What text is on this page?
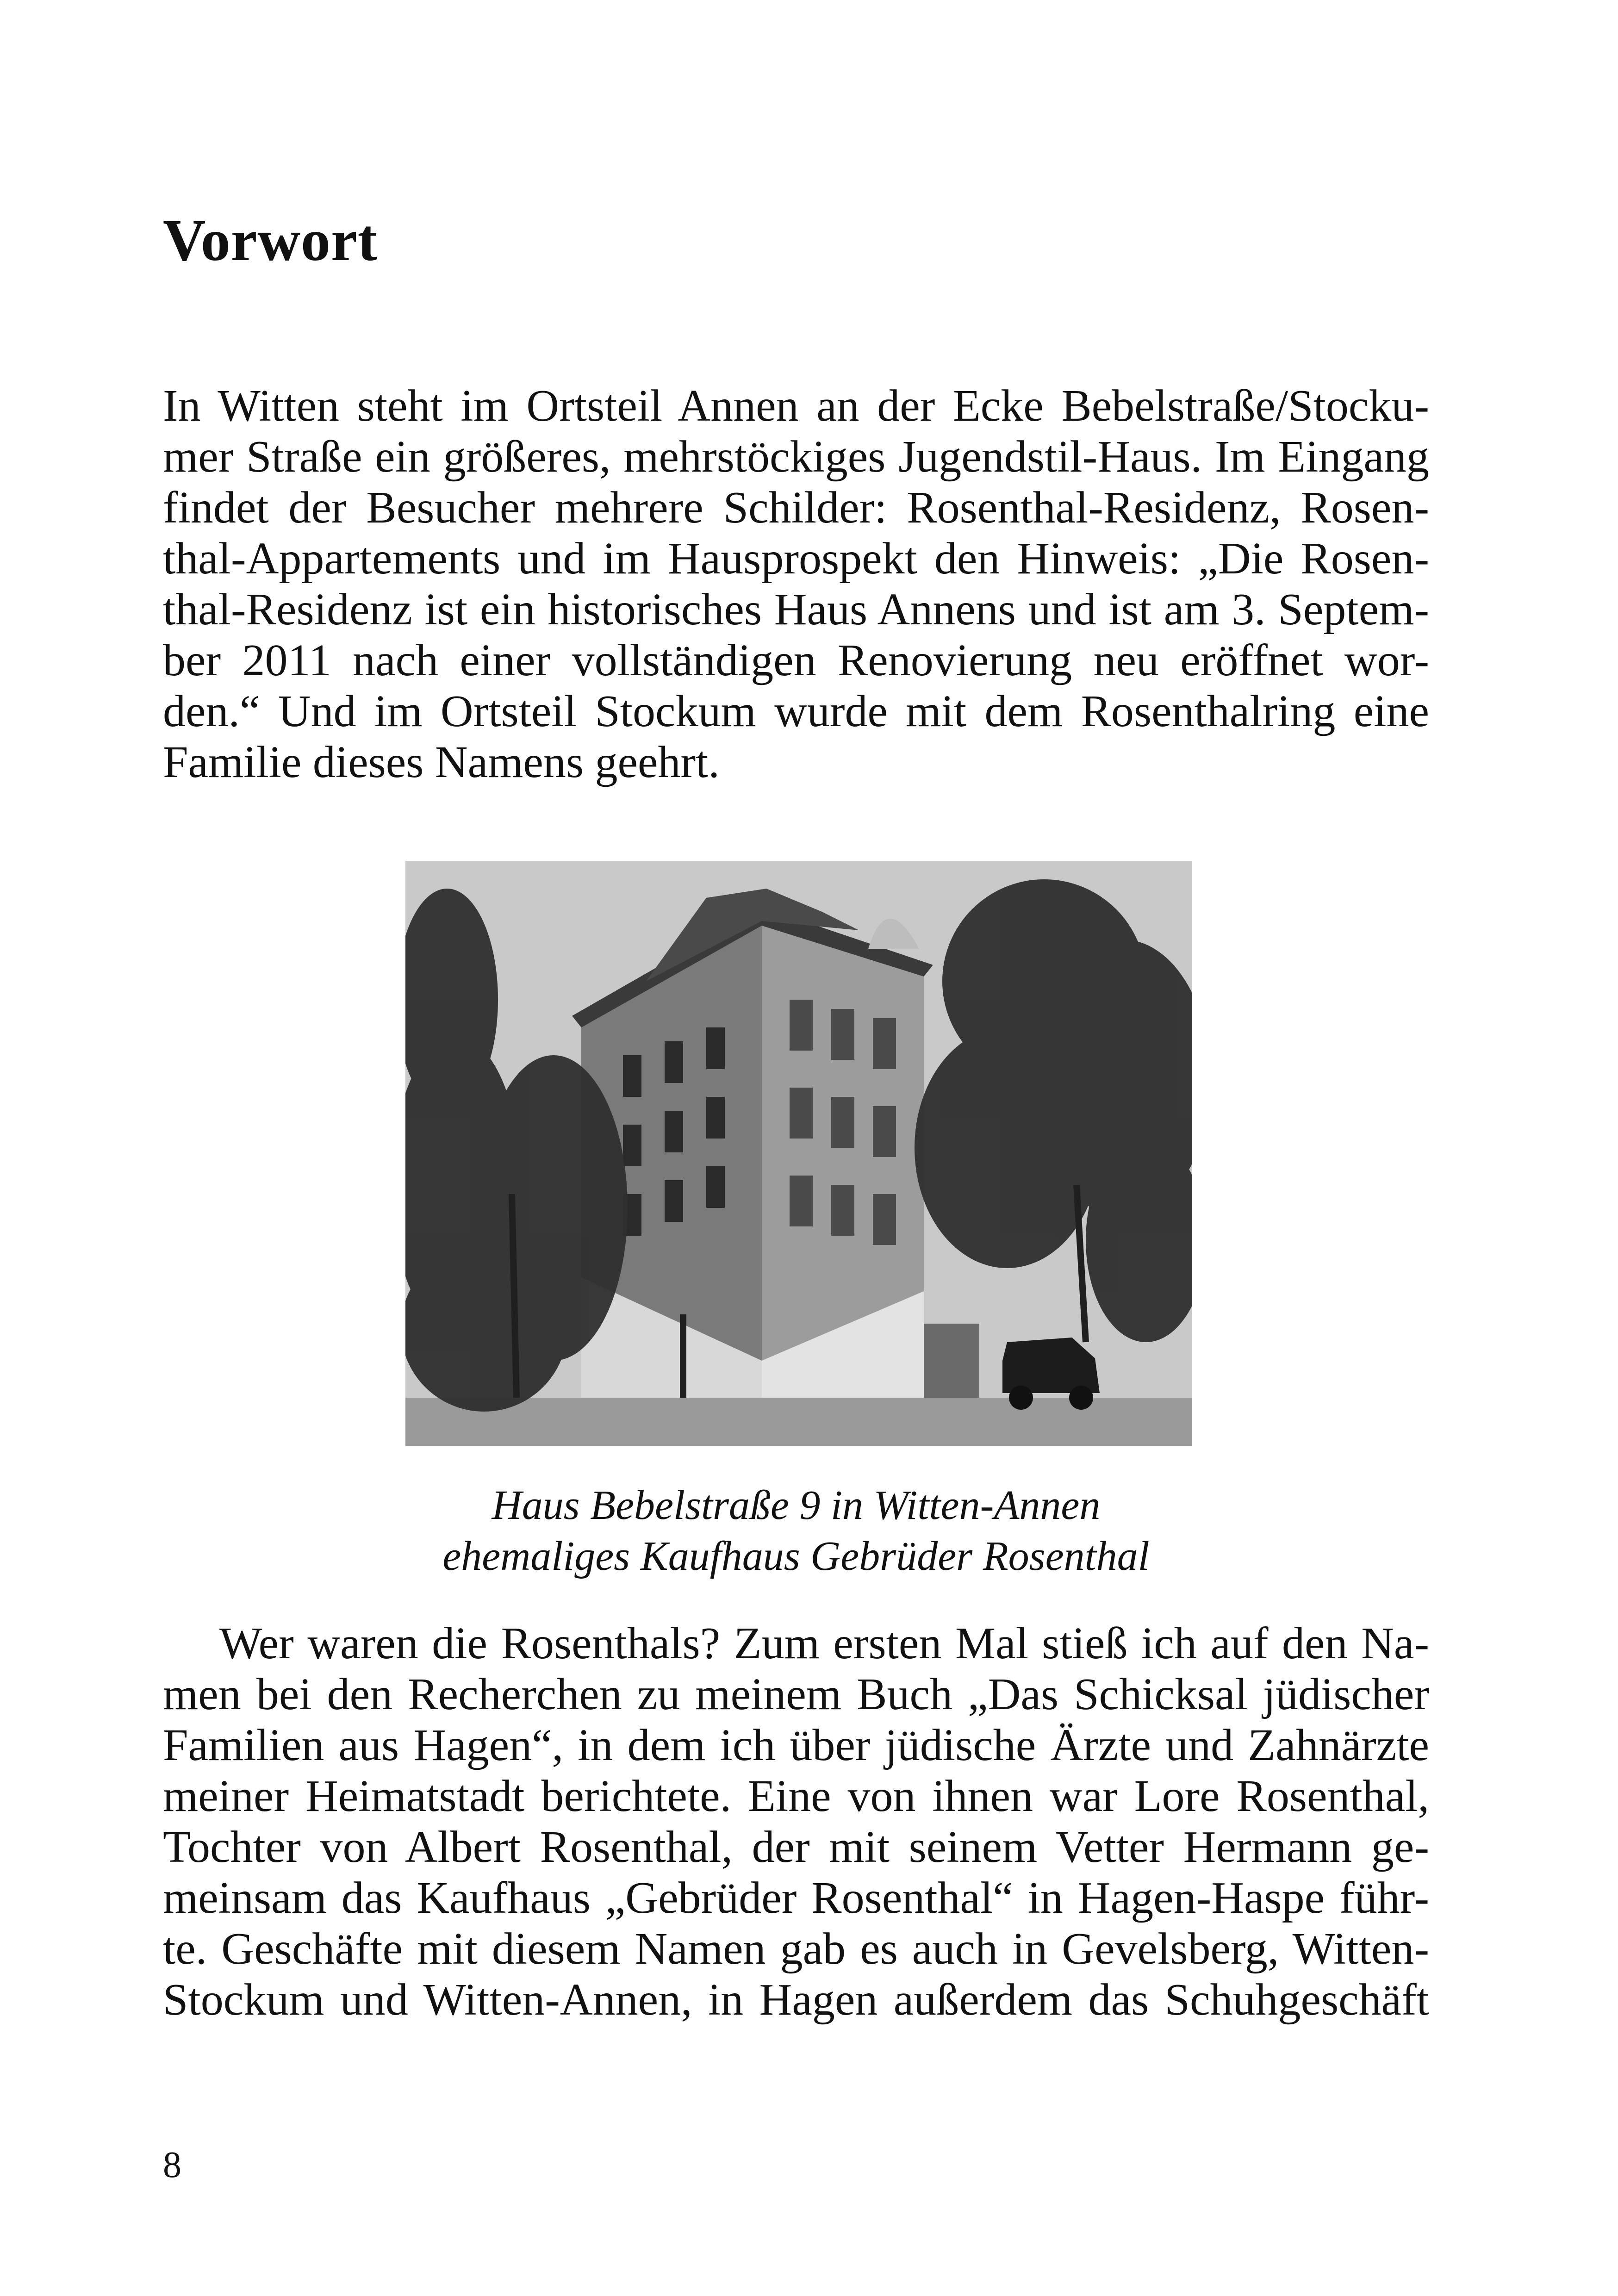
Vorwort
In Witten steht im Ortsteil Annen an der Ecke Bebelstraße/Stocku-
mer Straße ein größeres, mehrstöckiges Jugendstil-Haus. Im Eingang
findet der Besucher mehrere Schilder: Rosenthal-Residenz, Rosen-
thal-Appartements und im Hausprospekt den Hinweis: „Die Rosen-
thal-Residenz ist ein historisches Haus Annens und ist am 3. Septem-
ber 2011 nach einer vollständigen Renovierung neu eröffnet wor-
den.“ Und im Ortsteil Stockum wurde mit dem Rosenthalring eine
Familie dieses Namens geehrt.
Haus Bebelstraße 9 in Witten-Annen
ehemaliges Kaufhaus Gebrüder Rosenthal
Wer waren die Rosenthals? Zum ersten Mal stieß ich auf den Na-
men bei den Recherchen zu meinem Buch „Das Schicksal jüdischer
Familien aus Hagen“, in dem ich über jüdische Ärzte und Zahnärzte
meiner Heimatstadt berichtete. Eine von ihnen war Lore Rosenthal,
Tochter von Albert Rosenthal, der mit seinem Vetter Hermann ge-
meinsam das Kaufhaus „Gebrüder Rosenthal“ in Hagen-Haspe führ-
te. Geschäfte mit diesem Namen gab es auch in Gevelsberg, Witten-
Stockum und Witten-Annen, in Hagen außerdem das Schuhgeschäft
8
